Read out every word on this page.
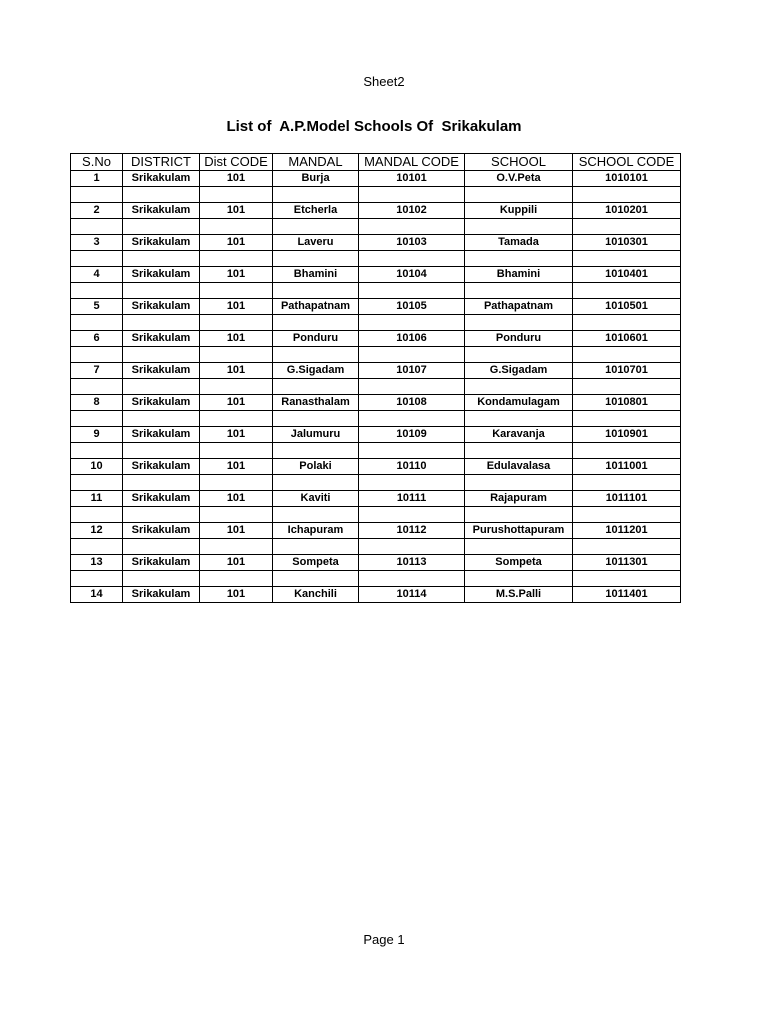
Sheet2
List of  A.P.Model Schools Of  Srikakulam
S.No	DISTRICT	Dist CODE	MANDAL	MANDAL CODE	SCHOOL	SCHOOL CODE
1	Srikakulam	101	Burja	10101	O.V.Peta	1010101

2	Srikakulam	101	Etcherla	10102	Kuppili	1010201

3	Srikakulam	101	Laveru	10103	Tamada	1010301

4	Srikakulam	101	Bhamini	10104	Bhamini	1010401

5	Srikakulam	101	Pathapatnam	10105	Pathapatnam	1010501

6	Srikakulam	101	Ponduru	10106	Ponduru	1010601

7	Srikakulam	101	G.Sigadam	10107	G.Sigadam	1010701

8	Srikakulam	101	Ranasthalam	10108	Kondamulagam	1010801

9	Srikakulam	101	Jalumuru	10109	Karavanja	1010901

10	Srikakulam	101	Polaki	10110	Edulavalasa	1011001

11	Srikakulam	101	Kaviti	10111	Rajapuram	1011101

12	Srikakulam	101	Ichapuram	10112	Purushottapuram	1011201

13	Srikakulam	101	Sompeta	10113	Sompeta	1011301

14	Srikakulam	101	Kanchili	10114	M.S.Palli	1011401
Page 1
